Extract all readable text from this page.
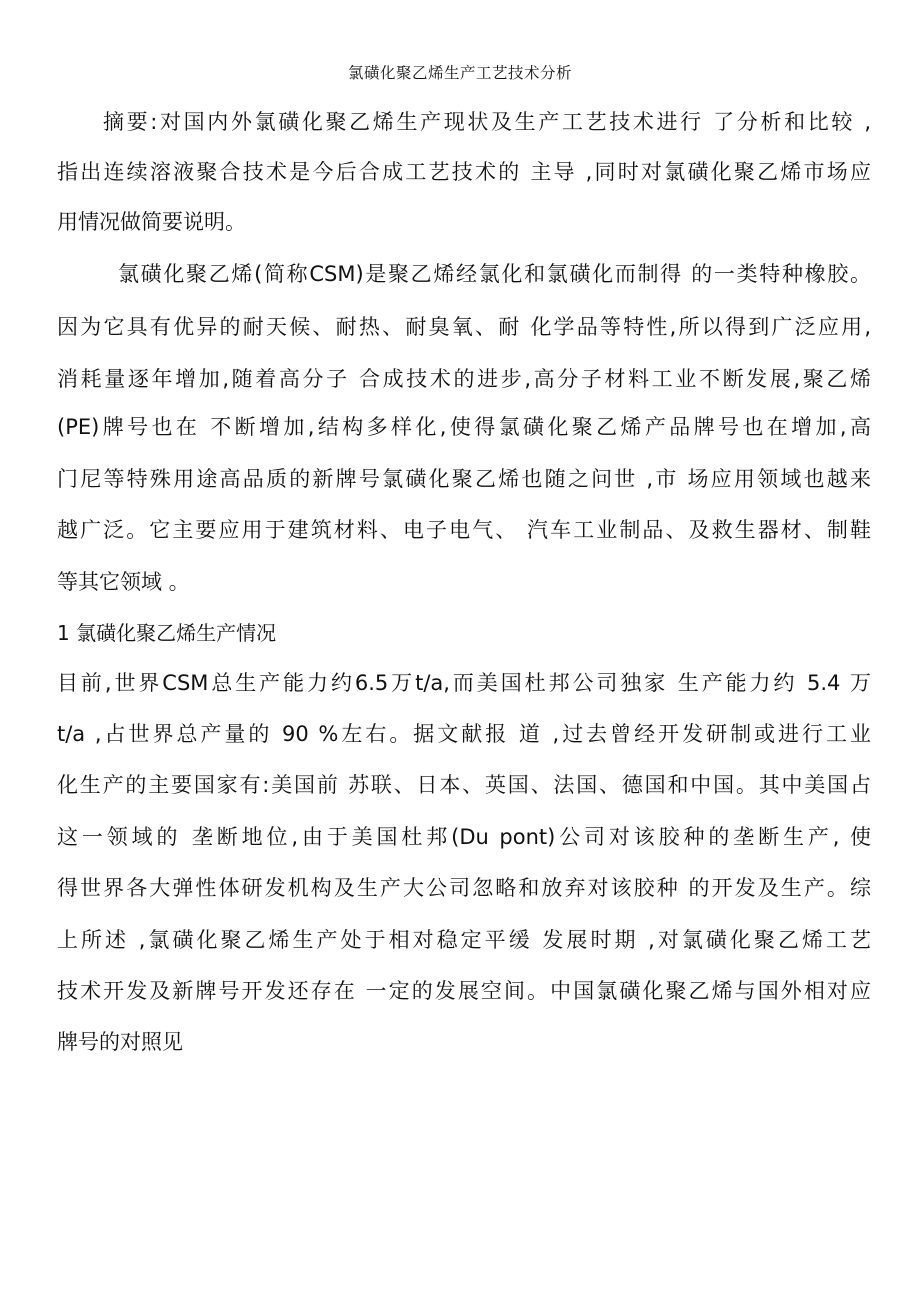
氯磺化聚乙烯生产工艺技术分析
摘要:对国内外氯磺化聚乙烯生产现状及生产工艺技术进行 了分析和比较 ,
指出连续溶液聚合技术是今后合成工艺技术的 主导 ,同时对氯磺化聚乙烯市场应
用情况做简要说明。
氯磺化聚乙烯(简称CSM)是聚乙烯经氯化和氯磺化而制得 的一类特种橡胶。
因为它具有优异的耐天候、耐热、耐臭氧、耐 化学品等特性,所以得到广泛应用,
消耗量逐年增加,随着高分子 合成技术的进步,高分子材料工业不断发展,聚乙烯
(PE)牌号也在 不断增加,结构多样化,使得氯磺化聚乙烯产品牌号也在增加,高
门尼等特殊用途高品质的新牌号氯磺化聚乙烯也随之问世 ,市 场应用领域也越来
越广泛。它主要应用于建筑材料、电子电气、 汽车工业制品、及救生器材、制鞋
等其它领域 。
1 氯磺化聚乙烯生产情况
目前,世界CSM总生产能力约6.5万t/a,而美国杜邦公司独家 生产能力约 5.4 万
t/a ,占世界总产量的 90 %左右。据文献报 道 ,过去曾经开发研制或进行工业
化生产的主要国家有:美国前 苏联、日本、英国、法国、德国和中国。其中美国占
这一领域的 垄断地位,由于美国杜邦(Du pont)公司对该胶种的垄断生产, 使
得世界各大弹性体研发机构及生产大公司忽略和放弃对该胶种 的开发及生产。综
上所述 ,氯磺化聚乙烯生产处于相对稳定平缓 发展时期 ,对氯磺化聚乙烯工艺
技术开发及新牌号开发还存在 一定的发展空间。中国氯磺化聚乙烯与国外相对应
牌号的对照见
